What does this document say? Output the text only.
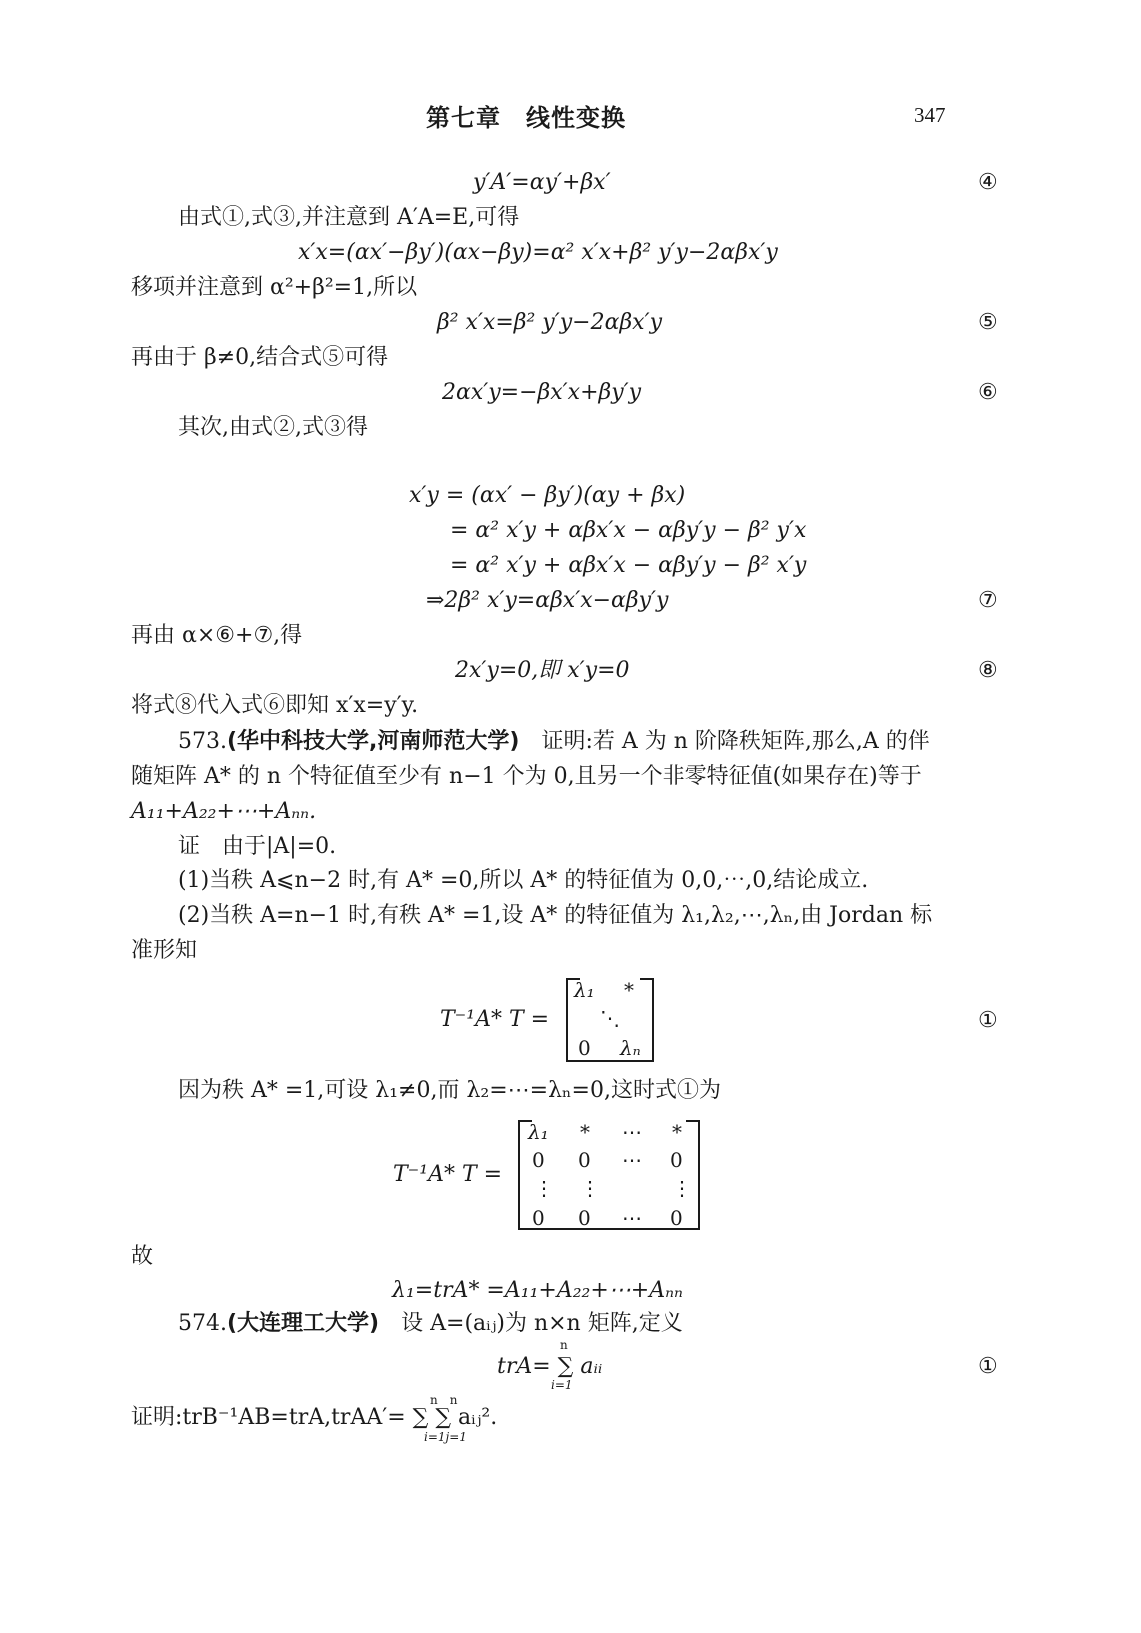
第七章　线性变换	347
y′A′=αy′+βx′	④
由式①,式③,并注意到 A′A=E,可得
x′x=(αx′−βy′)(αx−βy)=α² x′x+β² y′y−2αβx′y
移项并注意到 α²+β²=1,所以
β² x′x=β² y′y−2αβx′y	⑤
再由于 β≠0,结合式⑤可得
2αx′y=−βx′x+βy′y	⑥
其次,由式②,式③得
x′y = (αx′ − βy′)(αy + βx)
= α² x′y + αβx′x − αβy′y − β² y′x
= α² x′y + αβx′x − αβy′y − β² x′y
⇒2β² x′y=αβx′x−αβy′y	⑦
再由 α×⑥+⑦,得
2x′y=0,即 x′y=0	⑧
将式⑧代入式⑥即知 x′x=y′y.
573.(华中科技大学,河南师范大学)　 证明:若 A 为 n 阶降秩矩阵,那么,A 的伴
随矩阵 A* 的 n 个特征值至少有 n−1 个为 0,且另一个非零特征值(如果存在)等于
A₁₁+A₂₂+⋯+Aₙₙ.
证　由于|A|=0.
(1)当秩 A⩽n−2 时,有 A* =0,所以 A* 的特征值为 0,0,⋯,0,结论成立.
(2)当秩 A=n−1 时,有秩 A* =1,设 A* 的特征值为 λ₁,λ₂,⋯,λₙ,由 Jordan 标
准形知
T⁻¹A* T =
λ₁ *
⋱
0 λₙ
①
因为秩 A* =1,可设 λ₁≠0,而 λ₂=⋯=λₙ=0,这时式①为
T⁻¹A* T =
λ₁ * ⋯ *
0 0 ⋯ 0
⋮ ⋮	⋮
0 0 ⋯ 0
故
λ₁=trA* =A₁₁+A₂₂+⋯+Aₙₙ
574.(大连理工大学)　 设 A=(aᵢⱼ)为 n×n 矩阵,定义
trA= ∑ aᵢᵢ
n
i=1
①
证明:trB⁻¹AB=trA,trAA′= ∑ ∑ aᵢⱼ².
n　n
i=1j=1
